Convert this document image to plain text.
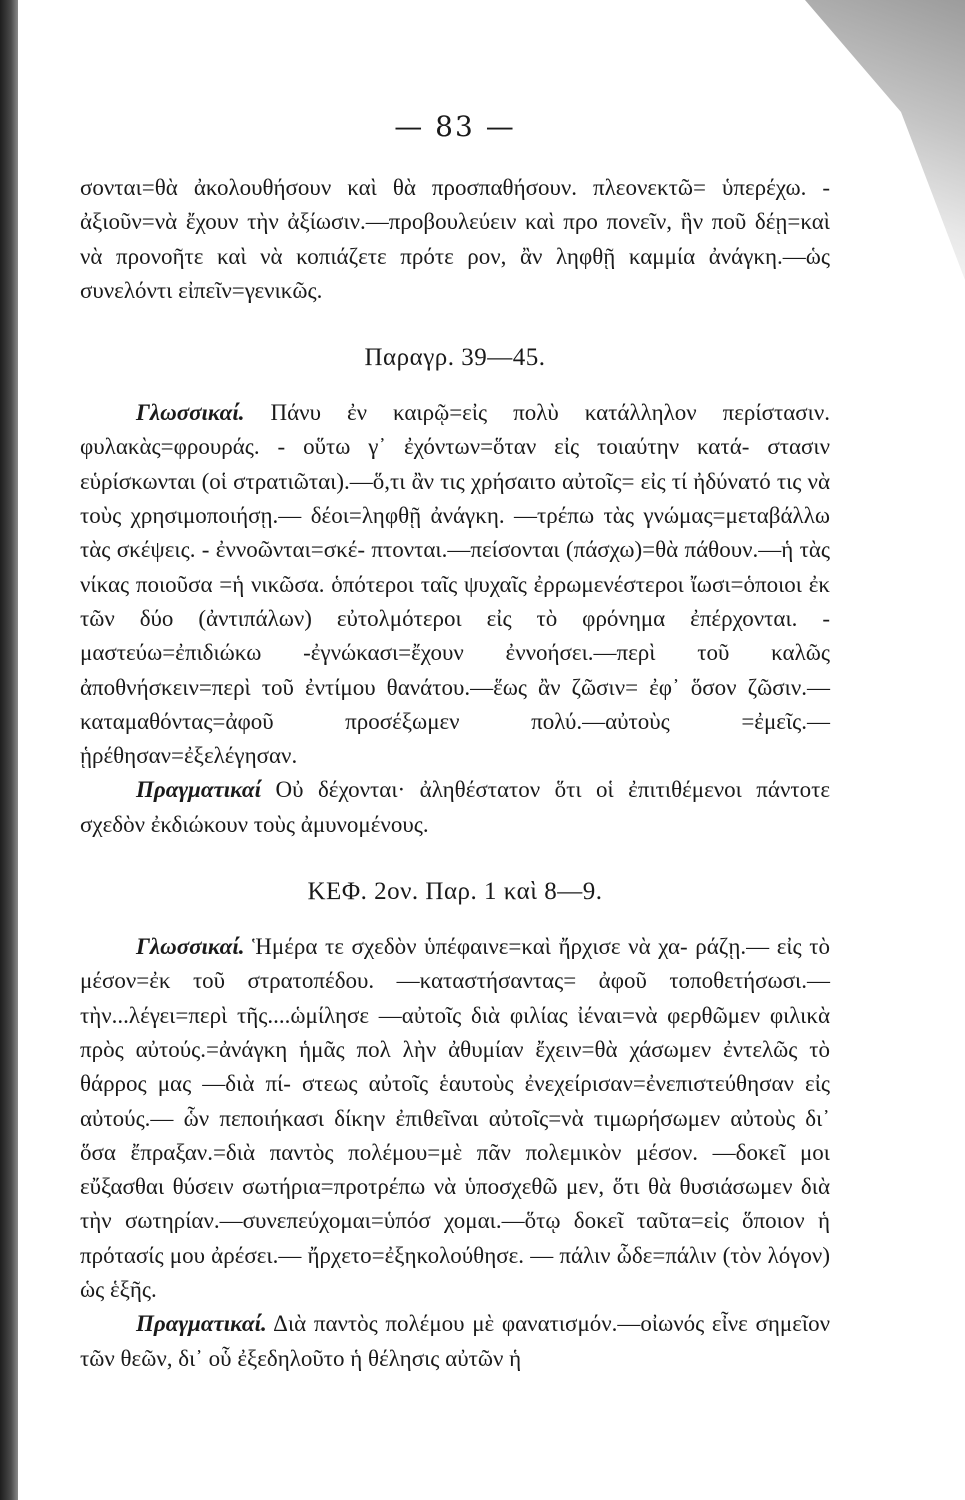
— 83 —

σονται=θὰ ἀκολουθήσουν καὶ θὰ προσπαθήσουν. πλεονεκτῶ= ὑπερέχω. - ἀξιοῦν=νὰ ἔχουν τὴν ἀξίωσιν.—προβουλεύειν καὶ προ πονεῖν, ἣν ποῦ δέῃ=καὶ νὰ προνοῆτε καὶ νὰ κοπιάζετε πρότε ρον, ἂν ληφθῇ καμμία ἀνάγκη.—ὡς συνελόντι εἰπεῖν=γενικῶς.

Παραγρ. 39—45.

Γλωσσικαί. Πάνυ ἐν καιρῷ=εἰς πολὺ κατάλληλον περίστασιν. φυλακὰς=φρουράς. - οὕτω γ᾽ ἐχόντων=ὅταν εἰς τοιαύτην κατά- στασιν εὑρίσκωνται (οἱ στρατιῶται).—ὅ,τι ἂν τις χρήσαιτο αὐτοῖς= εἰς τί ἠδύνατό τις νὰ τοὺς χρησιμοποιήσῃ.— δέοι=ληφθῇ ἀνάγκη. —τρέπω τὰς γνώμας=μεταβάλλω τὰς σκέψεις. - ἐννοῶνται=σκέ- πτονται.—πείσονται (πάσχω)=θὰ πάθουν.—ἡ τὰς νίκας ποιοῦσα =ἡ νικῶσα. ὁπότεροι ταῖς ψυχαῖς ἐρρωμενέστεροι ἴωσι=ὁποιοι ἐκ τῶν δύο (ἀντιπάλων) εὐτολμότεροι εἰς τὸ φρόνημα ἐπέρχονται. - μαστεύω=ἐπιδιώκω -ἐγνώκασι=ἔχουν ἐννοήσει.—περὶ τοῦ καλῶς ἀποθνήσκειν=περὶ τοῦ ἐντίμου θανάτου.—ἕως ἂν ζῶσιν= ἐφ᾽ ὅσον ζῶσιν.—καταμαθόντας=ἀφοῦ προσέξωμεν πολύ.—αὐτοὺς =ἐμεῖς.— ᾑρέθησαν=ἐξελέγησαν.

Πραγματικαί Οὐ δέχονται· ἀληθέστατον ὅτι οἱ ἐπιτιθέμενοι πάντοτε σχεδὸν ἐκδιώκουν τοὺς ἀμυνομένους.

ΚΕΦ. 2ον. Παρ. 1 καὶ 8—9.

Γλωσσικαί. Ἡμέρα τε σχεδὸν ὑπέφαινε=καὶ ἤρχισε νὰ χα- ράζῃ.— εἰς τὸ μέσον=ἐκ τοῦ στρατοπέδου. —καταστήσαντας= ἀφοῦ τοποθετήσωσι.—τὴν...λέγει=περὶ τῆς....ὡμίλησε —αὐτοῖς διὰ φιλίας ἰέναι=νὰ φερθῶμεν φιλικὰ πρὸς αὐτούς.=ἀνάγκη ἡμᾶς πολ λὴν ἀθυμίαν ἔχειν=θὰ χάσωμεν ἐντελῶς τὸ θάρρος μας —διὰ πί- στεως αὐτοῖς ἑαυτοὺς ἐνεχείρισαν=ἐνεπιστεύθησαν εἰς αὐτούς.— ὧν πεποιήκασι δίκην ἐπιθεῖναι αὐτοῖς=νὰ τιμωρήσωμεν αὐτοὺς δι᾽ ὅσα ἔπραξαν.=διὰ παντὸς πολέμου=μὲ πᾶν πολεμικὸν μέσον. —δοκεῖ μοι εὔξασθαι θύσειν σωτήρια=προτρέπω νὰ ὑποσχεθῶ μεν, ὅτι θὰ θυσιάσωμεν διὰ τὴν σωτηρίαν.—συνεπεύχομαι=ὑπόσ χομαι.—ὅτῳ δοκεῖ ταῦτα=εἰς ὅποιον ἡ πρότασίς μου ἀρέσει.— ἤρχετο=ἐξηκολούθησε. — πάλιν ὧδε=πάλιν (τὸν λόγον) ὡς ἑξῆς.

Πραγματικαί. Διὰ παντὸς πολέμου μὲ φανατισμόν.—οἰωνός εἶνε σημεῖον τῶν θεῶν, δι᾽ οὗ ἐξεδηλοῦτο ἡ θέλησις αὐτῶν ἡ
